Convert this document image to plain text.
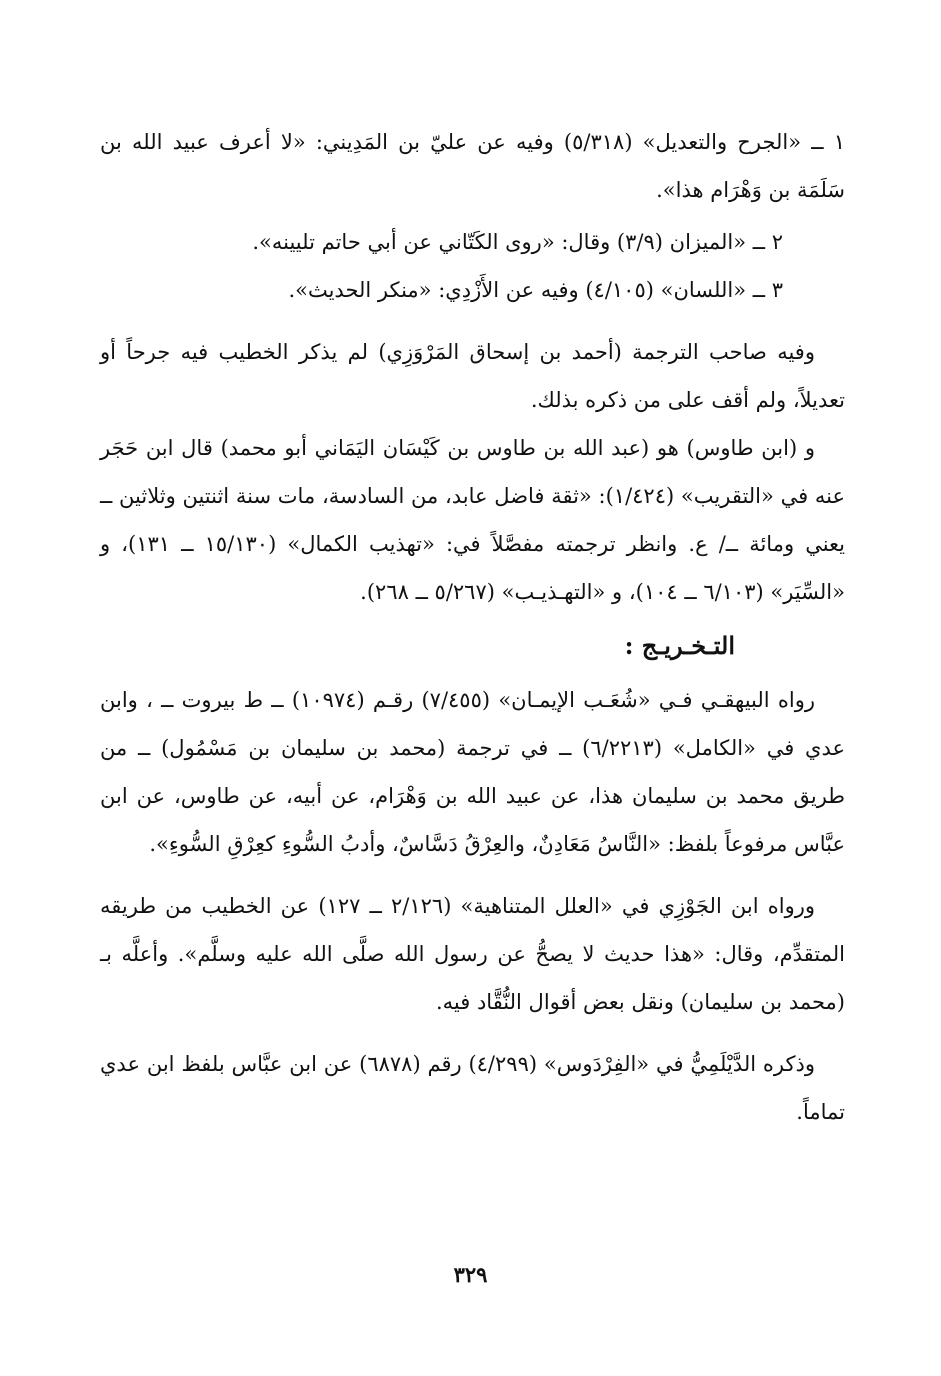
١ ــ «الجرح والتعديل» (٥/٣١٨) وفيه عن عليّ بن المَدِيني: «لا أعرف عبيد الله بن سَلَمَة بن وَهْرَام هذا».

٢ ــ «الميزان (٣/٩) وقال: «روى الكَتّاني عن أبي حاتم تليينه».

٣ ــ «اللسان» (٤/١٠٥) وفيه عن الأَزْدِي: «منكر الحديث».

وفيه صاحب الترجمة (أحمد بن إسحاق المَرْوَزِي) لم يذكر الخطيب فيه جرحاً أو تعديلاً، ولم أقف على من ذكره بذلك.

و (ابن طاوس) هو (عبد الله بن طاوس بن كَيْسَان اليَمَاني أبو محمد) قال ابن حَجَر عنه في «التقريب» (١/٤٢٤): «ثقة فاضل عابد، من السادسة، مات سنة اثنتين وثلاثين ــ يعني ومائة ــ/ ع. وانظر ترجمته مفصَّلاً في: «تهذيب الكمال» (١٥/١٣٠ ــ ١٣١)، و «السِّيَر» (٦/١٠٣ ــ ١٠٤)، و «التهـذيـب» (٥/٢٦٧ ــ ٢٦٨).

التـخـريـج :

رواه البيهقـي فـي «شُعَـب الإيمـان» (٧/٤٥٥) رقـم (١٠٩٧٤) ــ ط بيروت ــ ، وابن عدي في «الكامل» (٦/٢٢١٣) ــ في ترجمة (محمد بن سليمان بن مَسْمُول) ــ من طريق محمد بن سليمان هذا، عن عبيد الله بن وَهْرَام، عن أبيه، عن طاوس، عن ابن عبَّاس مرفوعاً بلفظ: «النَّاسُ مَعَادِنٌ، والعِرْقُ دَسَّاسٌ، وأدبُ السُّوءِ كعِرْقِ السُّوءِ».

ورواه ابن الجَوْزِي في «العلل المتناهية» (٢/١٢٦ ــ ١٢٧) عن الخطيب من طريقه المتقدِّم، وقال: «هذا حديث لا يصحُّ عن رسول الله صلَّى الله عليه وسلَّم». وأعلَّه بـ (محمد بن سليمان) ونقل بعض أقوال النُّقَّاد فيه.

وذكره الدَّيْلَمِيُّ في «الفِرْدَوس» (٤/٢٩٩) رقم (٦٨٧٨) عن ابن عبَّاس بلفظ ابن عدي تماماً.

٣٢٩
